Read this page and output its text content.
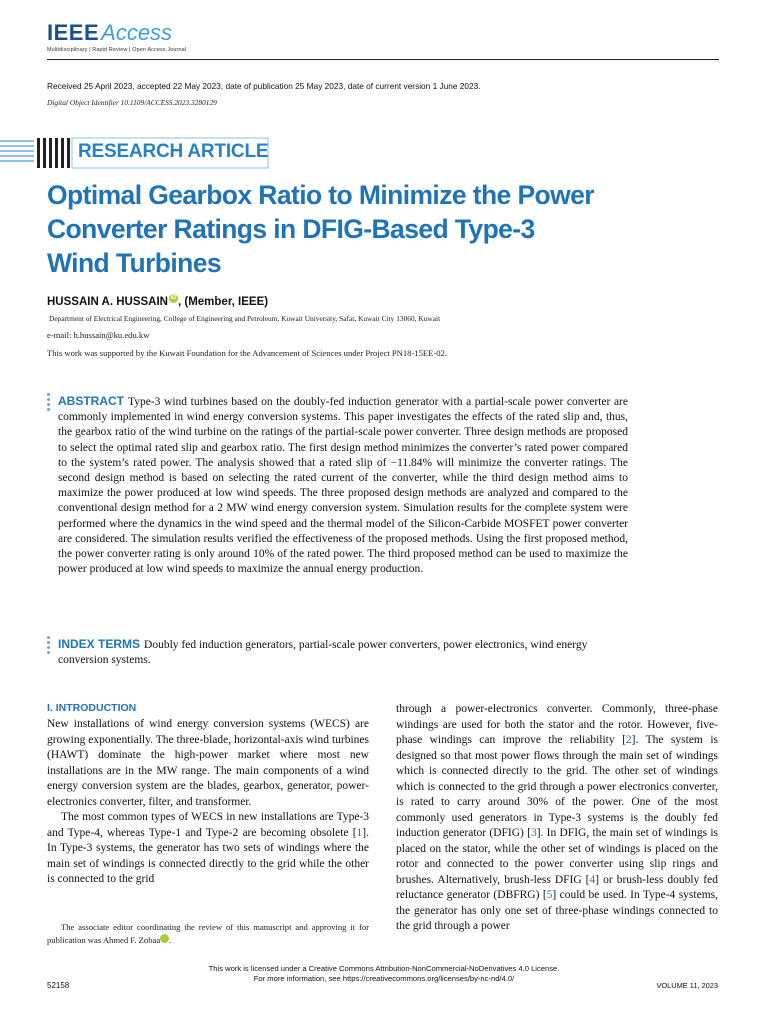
IEEE Access
Multidisciplinary | Rapid Review | Open Access Journal
Received 25 April 2023, accepted 22 May 2023, date of publication 25 May 2023, date of current version 1 June 2023.
Digital Object Identifier 10.1109/ACCESS.2023.3280129
RESEARCH ARTICLE
Optimal Gearbox Ratio to Minimize the Power
Converter Ratings in DFIG-Based Type-3
Wind Turbines
HUSSAIN A. HUSSAIN iD , (Member, IEEE)
Department of Electrical Engineering, College of Engineering and Petroleum, Kuwait University, Safat, Kuwait City 13060, Kuwait
e-mail: h.hussain@ku.edu.kw
This work was supported by the Kuwait Foundation for the Advancement of Sciences under Project PN18-15EE-02.
ABSTRACT Type-3 wind turbines based on the doubly-fed induction generator with a partial-scale power converter are commonly implemented in wind energy conversion systems. This paper investigates the effects of the rated slip and, thus, the gearbox ratio of the wind turbine on the ratings of the partial-scale power converter. Three design methods are proposed to select the optimal rated slip and gearbox ratio. The first design method minimizes the converter’s rated power compared to the system’s rated power. The analysis showed that a rated slip of −11.84% will minimize the converter ratings. The second design method is based on selecting the rated current of the converter, while the third design method aims to maximize the power produced at low wind speeds. The three proposed design methods are analyzed and compared to the conventional design method for a 2 MW wind energy conversion system. Simulation results for the complete system were performed where the dynamics in the wind speed and the thermal model of the Silicon-Carbide MOSFET power converter are considered. The simulation results verified the effectiveness of the proposed methods. Using the first proposed method, the power converter rating is only around 10% of the rated power. The third proposed method can be used to maximize the power produced at low wind speeds to maximize the annual energy production.
INDEX TERMS Doubly fed induction generators, partial-scale power converters, power electronics, wind energy conversion systems.
I. INTRODUCTION

New installations of wind energy conversion systems (WECS) are growing exponentially. The three-blade, horizontal-axis wind turbines (HAWT) dominate the high-power market where most new installations are in the MW range. The main components of a wind energy conversion system are the blades, gearbox, generator, power-electronics converter, filter, and transformer.

The most common types of WECS in new installations are Type-3 and Type-4, whereas Type-1 and Type-2 are becoming obsolete [1]. In Type-3 systems, the generator has two sets of windings where the main set of windings is connected directly to the grid while the other is connected to the grid

The associate editor coordinating the review of this manuscript and approving it for publication was Ahmed F. Zobaa iD.

through a power-electronics converter. Commonly, three-phase windings are used for both the stator and the rotor. However, five-phase windings can improve the reliability [2]. The system is designed so that most power flows through the main set of windings which is connected directly to the grid. The other set of windings which is connected to the grid through a power electronics converter, is rated to carry around 30% of the power. One of the most commonly used generators in Type-3 systems is the doubly fed induction generator (DFIG) [3]. In DFIG, the main set of windings is placed on the stator, while the other set of windings is placed on the rotor and connected to the power converter using slip rings and brushes. Alternatively, brush-less DFIG [4] or brush-less doubly fed reluctance generator (DBFRG) [5] could be used. In Type-4 systems, the generator has only one set of three-phase windings connected to the grid through a power

This work is licensed under a Creative Commons Attribution-NonCommercial-NoDerivatives 4.0 License.
For more information, see https://creativecommons.org/licenses/by-nc-nd/4.0/
52158	VOLUME 11, 2023
